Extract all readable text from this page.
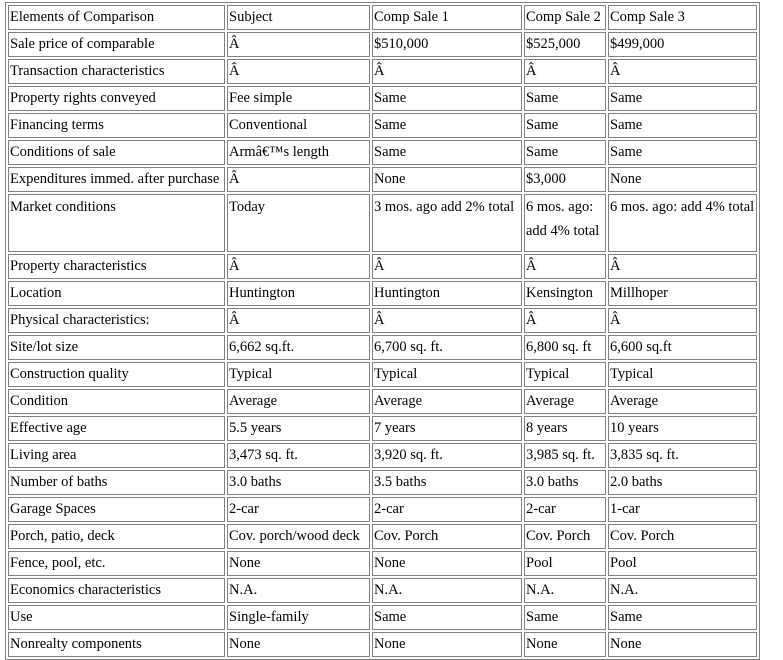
Elements of Comparison	Subject	Comp Sale 1	Comp Sale 2	Comp Sale 3
Sale price of comparable	Â	$510,000	$525,000	$499,000
Transaction characteristics	Â	Â	Â	Â
Property rights conveyed	Fee simple	Same	Same	Same
Financing terms	Conventional	Same	Same	Same
Conditions of sale	Armâ€™s length	Same	Same	Same
Expenditures immed. after purchase	Â	None	$3,000	None
Market conditions	Today	3 mos. ago add 2% total	6 mos. ago: add 4% total	6 mos. ago: add 4% total
Property characteristics	Â	Â	Â	Â
Location	Huntington	Huntington	Kensington	Millhoper
Physical characteristics:	Â	Â	Â	Â
Site/lot size	6,662 sq.ft.	6,700 sq. ft.	6,800 sq. ft	6,600 sq.ft
Construction quality	Typical	Typical	Typical	Typical
Condition	Average	Average	Average	Average
Effective age	5.5 years	7 years	8 years	10 years
Living area	3,473 sq. ft.	3,920 sq. ft.	3,985 sq. ft.	3,835 sq. ft.
Number of baths	3.0 baths	3.5 baths	3.0 baths	2.0 baths
Garage Spaces	2-car	2-car	2-car	1-car
Porch, patio, deck	Cov. porch/wood deck	Cov. Porch	Cov. Porch	Cov. Porch
Fence, pool, etc.	None	None	Pool	Pool
Economics characteristics	N.A.	N.A.	N.A.	N.A.
Use	Single-family	Same	Same	Same
Nonrealty components	None	None	None	None
